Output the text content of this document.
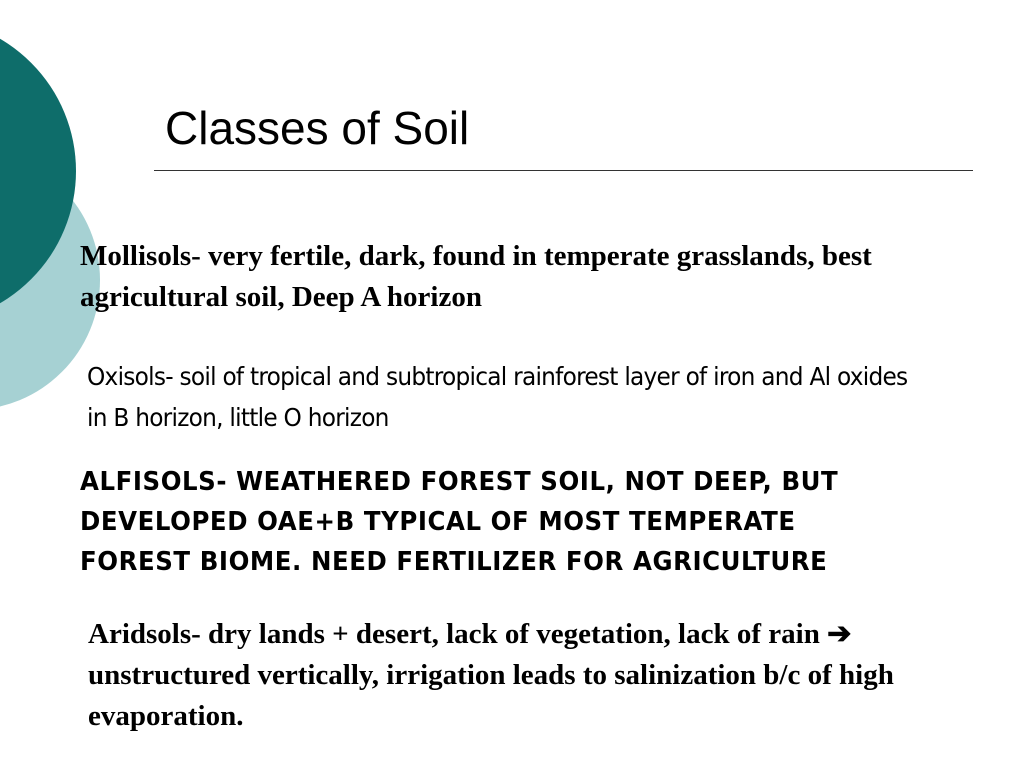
Classes of Soil

Mollisols- very fertile, dark, found in temperate grasslands, best agricultural soil, Deep A horizon

Oxisols- soil of tropical and subtropical rainforest layer of iron and Al oxides in B horizon, little O horizon

ALFISOLS- WEATHERED FOREST SOIL, NOT DEEP, BUT DEVELOPED OAE+B TYPICAL OF MOST TEMPERATE FOREST BIOME. NEED FERTILIZER FOR AGRICULTURE

Aridsols- dry lands + desert, lack of vegetation, lack of rain ➔ unstructured vertically, irrigation leads to salinization b/c of high evaporation.
